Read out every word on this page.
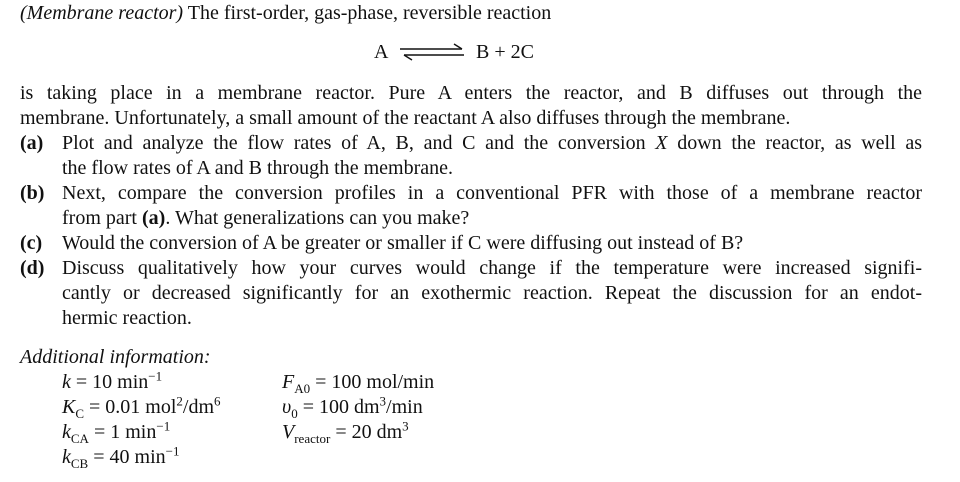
(Membrane reactor) The first-order, gas-phase, reversible reaction
A ⇌ B + 2C
is taking place in a membrane reactor. Pure A enters the reactor, and B diffuses out through the
membrane. Unfortunately, a small amount of the reactant A also diffuses through the membrane.
(a) Plot and analyze the flow rates of A, B, and C and the conversion X down the reactor, as well as
the flow rates of A and B through the membrane.
(b) Next, compare the conversion profiles in a conventional PFR with those of a membrane reactor
from part (a). What generalizations can you make?
(c) Would the conversion of A be greater or smaller if C were diffusing out instead of B?
(d) Discuss qualitatively how your curves would change if the temperature were increased signifi-
cantly or decreased significantly for an exothermic reaction. Repeat the discussion for an endot-
hermic reaction.
Additional information:
k = 10 $\min^{-1}$
$K_C = 0.01$ $mol^2/dm^6$
$k_{CA} = 1$ $\min^{-1}$
$k_{CB} = 40$ $\min^{-1}$
$F_{A0} = 100$ mol/min
$\upsilon_0 = 100$ $dm^3/\min$
$V_{reactor} = 20$ $dm^3$
